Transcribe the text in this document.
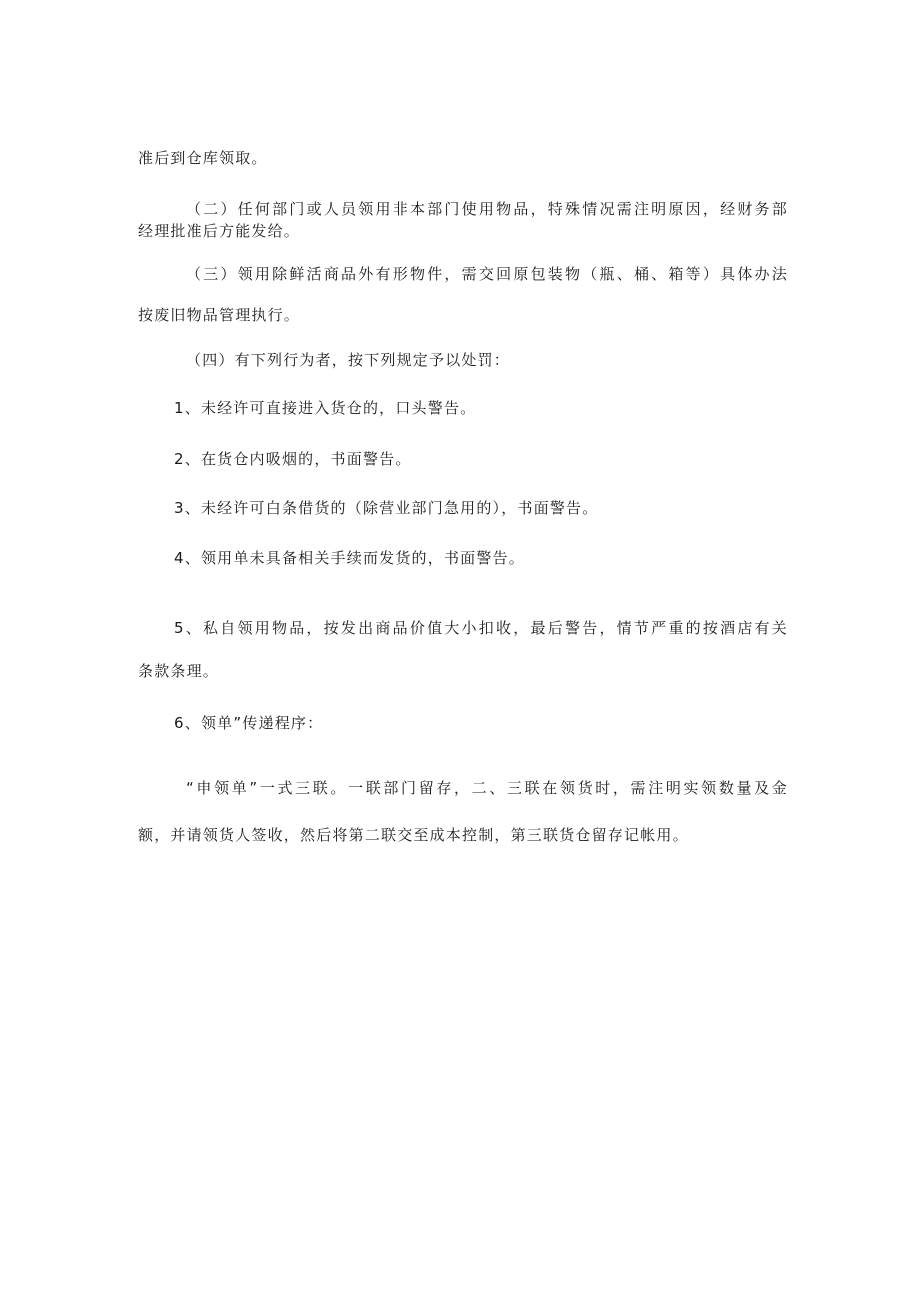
准后到仓库领取。
（二）任何部门或人员领用非本部门使用物品，特殊情况需注明原因，经财务部
经理批准后方能发给。
（三）领用除鲜活商品外有形物件，需交回原包装物（瓶、桶、箱等）具体办法
按废旧物品管理执行。
（四）有下列行为者，按下列规定予以处罚：
1、未经许可直接进入货仓的，口头警告。
2、在货仓内吸烟的，书面警告。
3、未经许可白条借货的（除营业部门急用的），书面警告。
4、领用单未具备相关手续而发货的，书面警告。
5、私自领用物品，按发出商品价值大小扣收，最后警告，情节严重的按酒店有关
条款条理。
6、领单”传递程序：
“申领单”一式三联。一联部门留存，二、三联在领货时，需注明实领数量及金
额，并请领货人签收，然后将第二联交至成本控制，第三联货仓留存记帐用。
